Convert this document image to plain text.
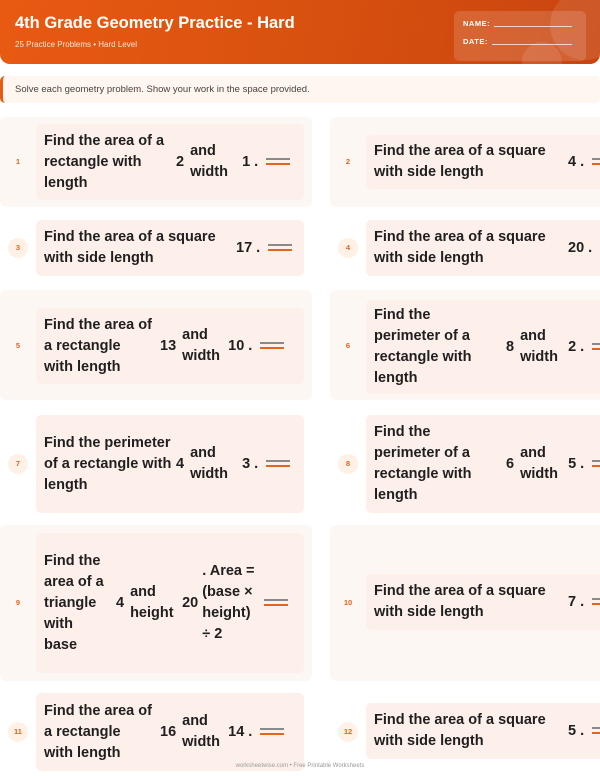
4th Grade Geometry Practice - Hard
25 Practice Problems • Hard Level
NAME:
DATE:
Solve each geometry problem. Show your work in the space provided.
1
Find the area of a rectangle with length
2
and width
1 .	2
Find the area of a square with side length
4 .
3
Find the area of a square with side length
17 .	4
Find the area of a square with side length
20 .
5
Find the area of a rectangle with length
13
and width
10 .	6
Find the perimeter of a rectangle with length
8
and width
2 .
7
Find the perimeter of a rectangle with length
4
and width
3 .	8
Find the perimeter of a rectangle with length
6
and width
5 .
9
Find the area of a triangle with base
4
and height
20
. Area = (base × height) ÷ 2
10
Find the area of a square with side length
7 .
11
Find the area of a rectangle with length
16
and width
14 .	12
Find the area of a square with side length
5 .
worksheetwise.com • Free Printable Worksheets
